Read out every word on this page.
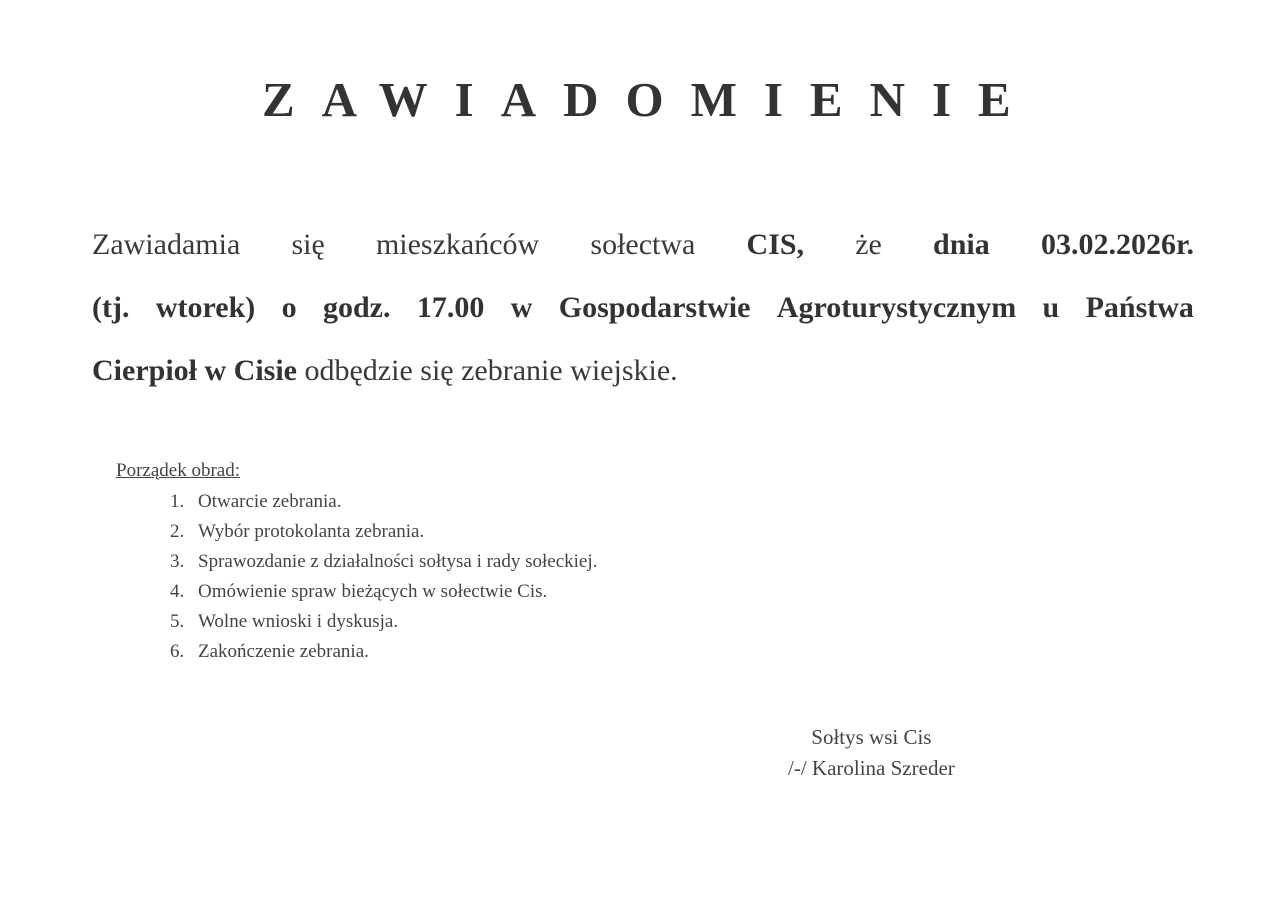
ZAWIADOMIENIE
Zawiadamia się mieszkańców sołectwa CIS, że dnia 03.02.2026r.
(tj. wtorek) o godz. 17.00 w Gospodarstwie Agroturystycznym u Państwa
Cierpioł w Cisie odbędzie się zebranie wiejskie.
Porządek obrad:
1. Otwarcie zebrania.
2. Wybór protokolanta zebrania.
3. Sprawozdanie z działalności sołtysa i rady sołeckiej.
4. Omówienie spraw bieżących w sołectwie Cis.
5. Wolne wnioski i dyskusja.
6. Zakończenie zebrania.
Sołtys wsi Cis
/-/ Karolina Szreder
